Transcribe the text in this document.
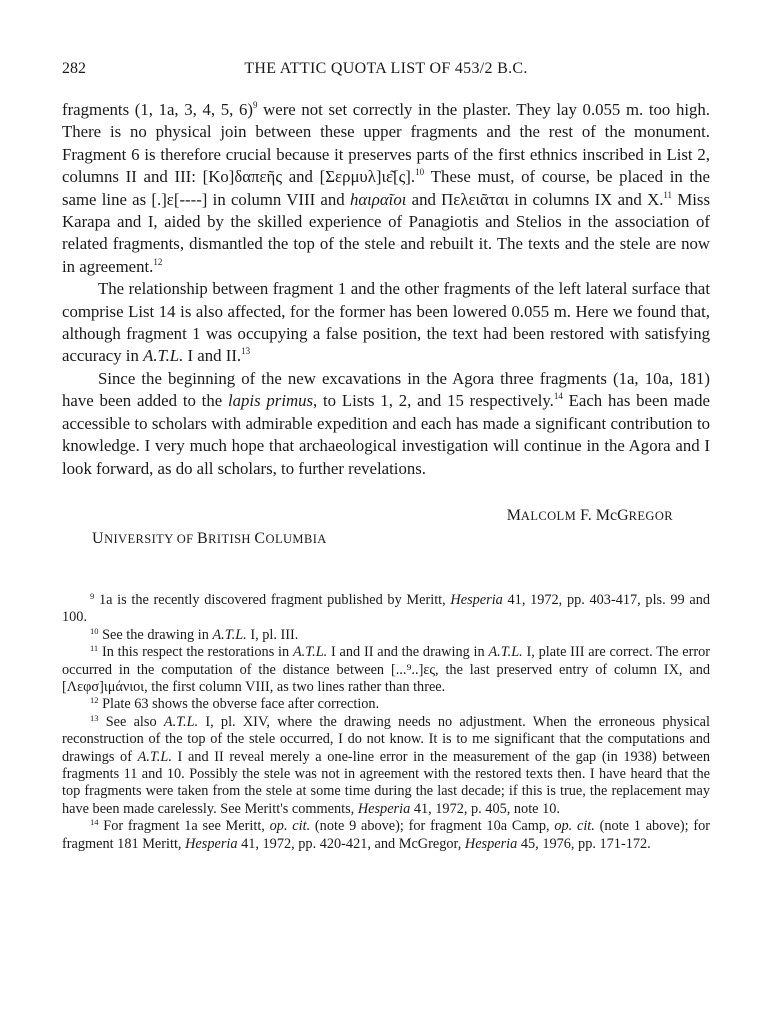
282	THE ATTIC QUOTA LIST OF 453/2 B.C.

fragments (1, 1a, 3, 4, 5, 6)$^9$ were not set correctly in the plaster. They lay 0.055 m. too high. There is no physical join between these upper fragments and the rest of the monument. Fragment 6 is therefore crucial because it preserves parts of the first ethnics inscribed in List 2, columns II and III: [Κο]δαπεῆς and [Σερμυλ]ιε͂[ς].$^{10}$ These must, of course, be placed in the same line as [.]ε[----] in column VIII and hαιραῖοι and Πελειᾶται in columns IX and X.$^{11}$ Miss Karapa and I, aided by the skilled experience of Panagiotis and Stelios in the association of related fragments, dismantled the top of the stele and rebuilt it. The texts and the stele are now in agreement.$^{12}$

The relationship between fragment 1 and the other fragments of the left lateral surface that comprise List 14 is also affected, for the former has been lowered 0.055 m. Here we found that, although fragment 1 was occupying a false position, the text had been restored with satisfying accuracy in A.T.L. I and II.$^{13}$

Since the beginning of the new excavations in the Agora three fragments (1a, 10a, 181) have been added to the lapis primus, to Lists 1, 2, and 15 respectively.$^{14}$ Each has been made accessible to scholars with admirable expedition and each has made a significant contribution to knowledge. I very much hope that archaeological investigation will continue in the Agora and I look forward, as do all scholars, to further revelations.

MALCOLM F. McGREGOR
UNIVERSITY OF BRITISH COLUMBIA

$^9$ 1a is the recently discovered fragment published by Meritt, Hesperia 41, 1972, pp. 403-417, pls. 99 and 100.

$^{10}$ See the drawing in A.T.L. I, pl. III.

$^{11}$ In this respect the restorations in A.T.L. I and II and the drawing in A.T.L. I, plate III are correct. The error occurred in the computation of the distance between [...⁹..]ες, the last preserved entry of column IX, and [Λεφσ]ιμάνιοι, the first column VIII, as two lines rather than three.

$^{12}$ Plate 63 shows the obverse face after correction.

$^{13}$ See also A.T.L. I, pl. XIV, where the drawing needs no adjustment. When the erroneous physical reconstruction of the top of the stele occurred, I do not know. It is to me significant that the computations and drawings of A.T.L. I and II reveal merely a one-line error in the measurement of the gap (in 1938) between fragments 11 and 10. Possibly the stele was not in agreement with the restored texts then. I have heard that the top fragments were taken from the stele at some time during the last decade; if this is true, the replacement may have been made carelessly. See Meritt's comments, Hesperia 41, 1972, p. 405, note 10.

$^{14}$ For fragment 1a see Meritt, op. cit. (note 9 above); for fragment 10a Camp, op. cit. (note 1 above); for fragment 181 Meritt, Hesperia 41, 1972, pp. 420-421, and McGregor, Hesperia 45, 1976, pp. 171-172.
